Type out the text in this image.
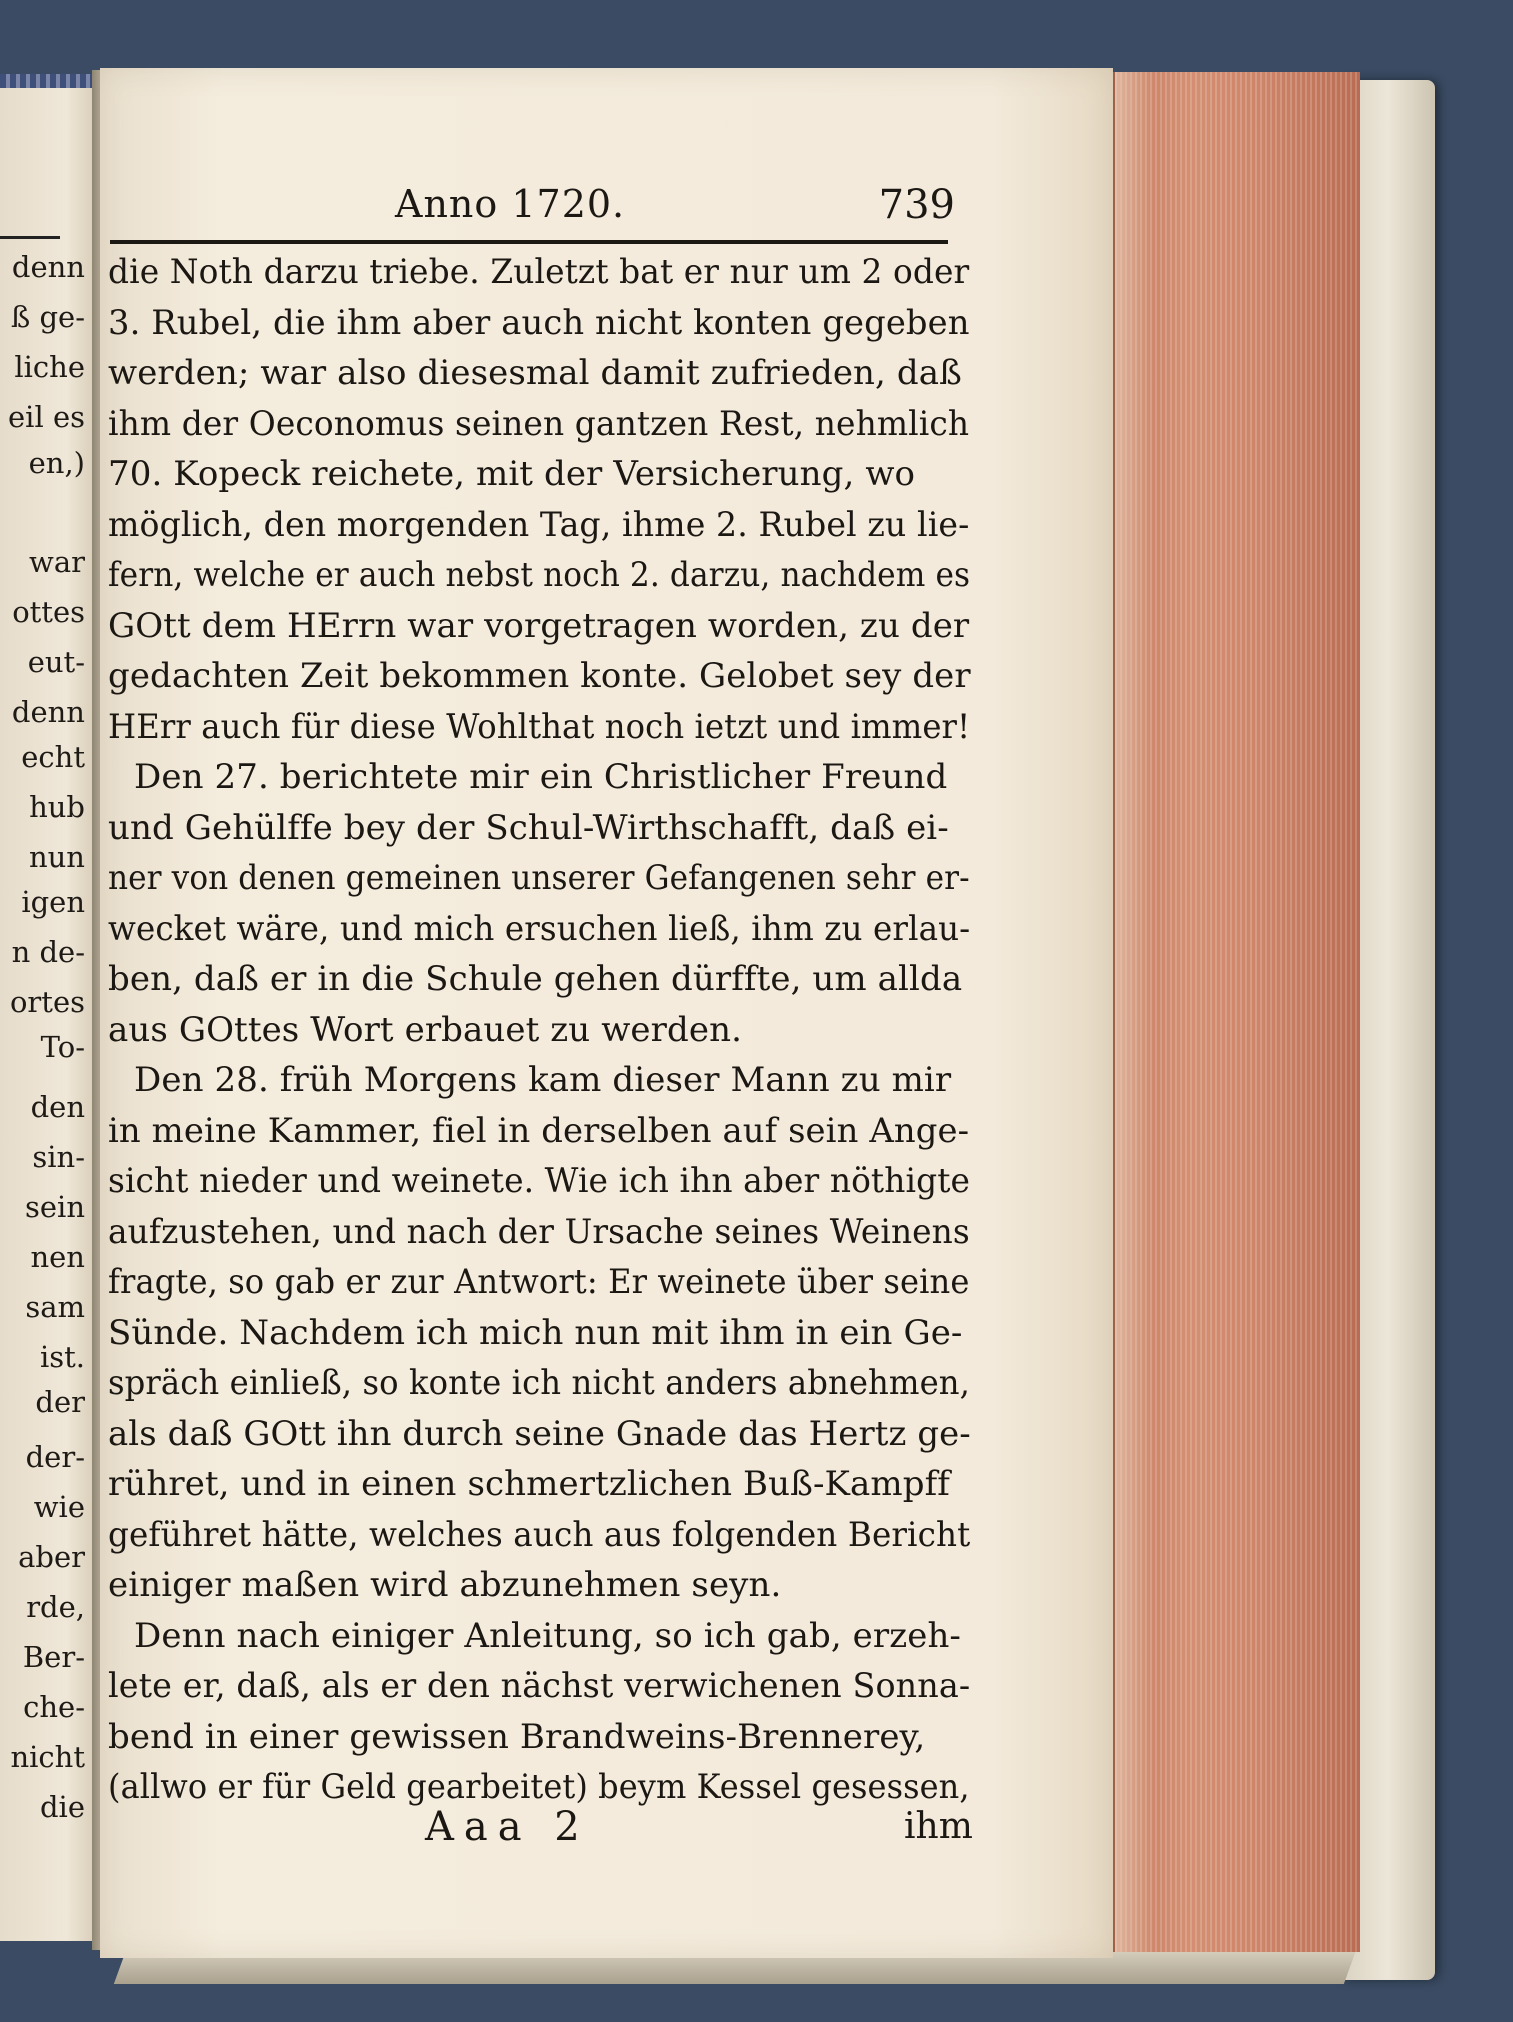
denn
ß ge-
liche
eil es
en,)
war
ottes
eut-
denn
echt
hub
nun
igen
n de-
ortes
To-
den
sin-
sein
nen
sam
ist.
der
der-
wie
aber
rde,
Ber-
che-
nicht
die
Anno 1720.	739
die Noth darzu triebe. Zuletzt bat er nur um 2 oder
3. Rubel, die ihm aber auch nicht konten gegeben
werden; war also diesesmal damit zufrieden, daß
ihm der Oeconomus seinen gantzen Rest, nehmlich
70. Kopeck reichete, mit der Versicherung, wo
möglich, den morgenden Tag, ihme 2. Rubel zu lie-
fern, welche er auch nebst noch 2. darzu, nachdem es
GOtt dem HErrn war vorgetragen worden, zu der
gedachten Zeit bekommen konte. Gelobet sey der
HErr auch für diese Wohlthat noch ietzt und immer!
Den 27. berichtete mir ein Christlicher Freund
und Gehülffe bey der Schul-Wirthschafft, daß ei-
ner von denen gemeinen unserer Gefangenen sehr er-
wecket wäre, und mich ersuchen ließ, ihm zu erlau-
ben, daß er in die Schule gehen dürffte, um allda
aus GOttes Wort erbauet zu werden.
Den 28. früh Morgens kam dieser Mann zu mir
in meine Kammer, fiel in derselben auf sein Ange-
sicht nieder und weinete. Wie ich ihn aber nöthigte
aufzustehen, und nach der Ursache seines Weinens
fragte, so gab er zur Antwort: Er weinete über seine
Sünde. Nachdem ich mich nun mit ihm in ein Ge-
spräch einließ, so konte ich nicht anders abnehmen,
als daß GOtt ihn durch seine Gnade das Hertz ge-
rühret, und in einen schmertzlichen Buß-Kampff
geführet hätte, welches auch aus folgenden Bericht
einiger maßen wird abzunehmen seyn.
Denn nach einiger Anleitung, so ich gab, erzeh-
lete er, daß, als er den nächst verwichenen Sonna-
bend in einer gewissen Brandweins-Brennerey,
(allwo er für Geld gearbeitet) beym Kessel gesessen,
Aaa 2	ihm
